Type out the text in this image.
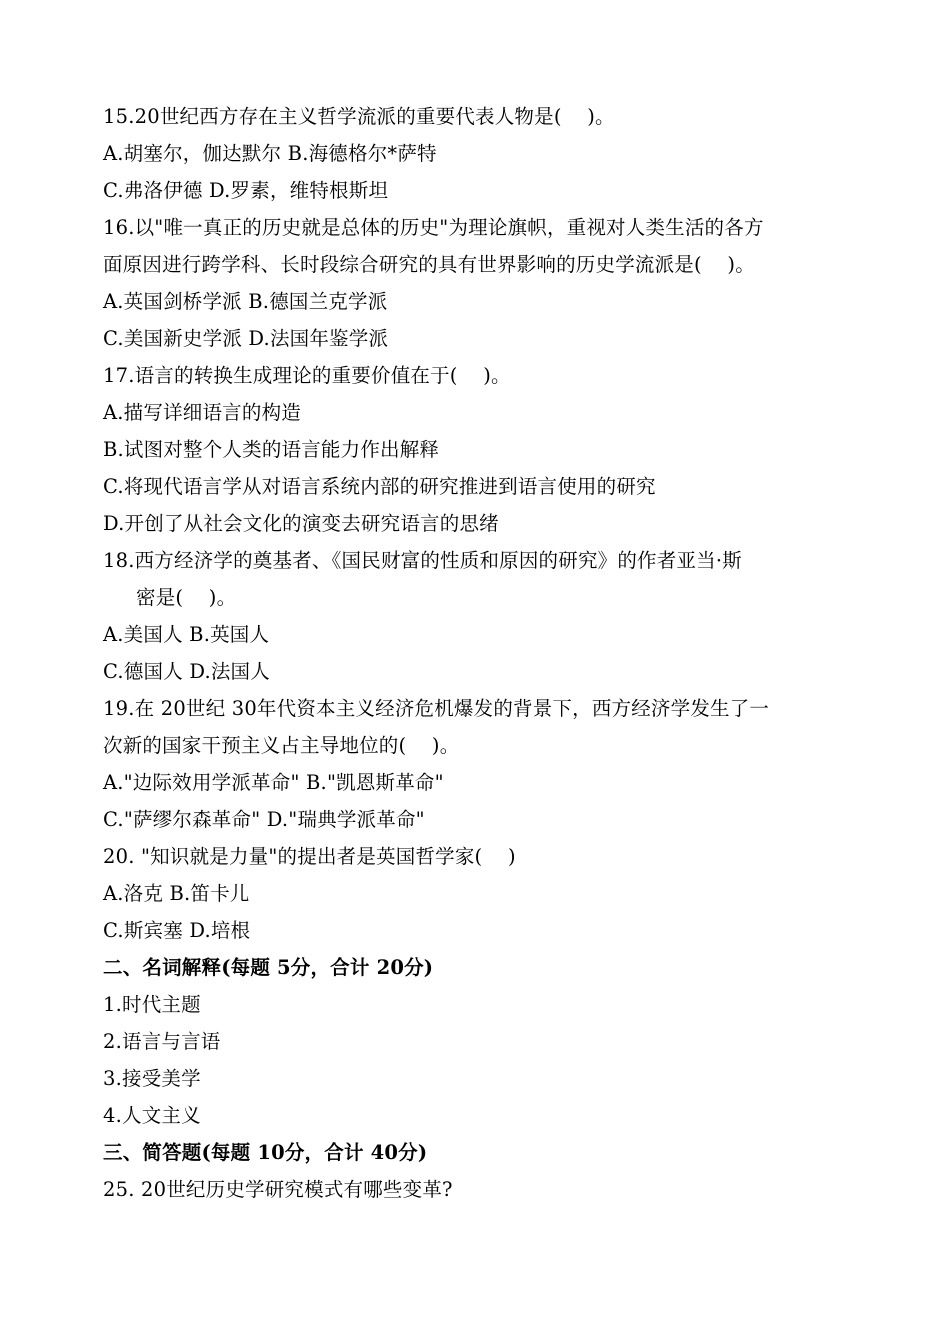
15.20世纪西方存在主义哲学流派的重要代表人物是(    )。
A.胡塞尔，伽达默尔 B.海德格尔*萨特
C.弗洛伊德 D.罗素，维特根斯坦
16.以"唯一真正的历史就是总体的历史"为理论旗帜，重视对人类生活的各方
面原因进行跨学科、长时段综合研究的具有世界影响的历史学流派是(    )。
A.英国剑桥学派 B.德国兰克学派
C.美国新史学派 D.法国年鉴学派
17.语言的转换生成理论的重要价值在于(    )。
A.描写详细语言的构造
B.试图对整个人类的语言能力作出解释
C.将现代语言学从对语言系统内部的研究推进到语言使用的研究
D.开创了从社会文化的演变去研究语言的思绪
18.西方经济学的奠基者、《国民财富的性质和原因的研究》的作者亚当·斯
密是(    )。
A.美国人 B.英国人
C.德国人 D.法国人
19.在 20世纪 30年代资本主义经济危机爆发的背景下，西方经济学发生了一
次新的国家干预主义占主导地位的(    )。
A."边际效用学派革命" B."凯恩斯革命"
C."萨缪尔森革命" D."瑞典学派革命"
20. "知识就是力量"的提出者是英国哲学家(    )
A.洛克 B.笛卡儿
C.斯宾塞 D.培根
二、名词解释(每题 5分，合计 20分)
1.时代主题
2.语言与言语
3.接受美学
4.人文主义
三、简答题(每题 10分，合计 40分)
25. 20世纪历史学研究模式有哪些变革?
